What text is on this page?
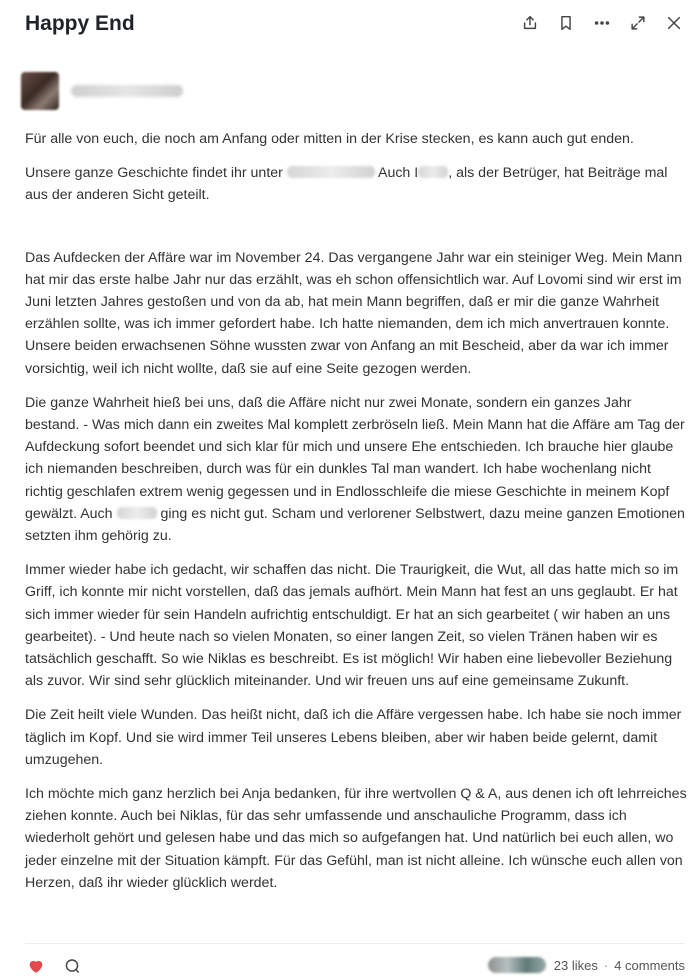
Happy End

Für alle von euch, die noch am Anfang oder mitten in der Krise stecken, es kann auch gut enden.

Unsere ganze Geschichte findet ihr unter	Auch I , als der Betrüger, hat Beiträge mal aus der anderen Sicht geteilt.

Das Aufdecken der Affäre war im November 24. Das vergangene Jahr war ein steiniger Weg. Mein Mann hat mir das erste halbe Jahr nur das erzählt, was eh schon offensichtlich war. Auf Lovomi sind wir erst im Juni letzten Jahres gestoßen und von da ab, hat mein Mann begriffen, daß er mir die ganze Wahrheit erzählen sollte, was ich immer gefordert habe. Ich hatte niemanden, dem ich mich anvertrauen konnte. Unsere beiden erwachsenen Söhne wussten zwar von Anfang an mit Bescheid, aber da war ich immer vorsichtig, weil ich nicht wollte, daß sie auf eine Seite gezogen werden.

Die ganze Wahrheit hieß bei uns, daß die Affäre nicht nur zwei Monate, sondern ein ganzes Jahr bestand. - Was mich dann ein zweites Mal komplett zerbröseln ließ. Mein Mann hat die Affäre am Tag der Aufdeckung sofort beendet und sich klar für mich und unsere Ehe entschieden. Ich brauche hier glaube ich niemanden beschreiben, durch was für ein dunkles Tal man wandert. Ich habe wochenlang nicht richtig geschlafen extrem wenig gegessen und in Endlosschleife die miese Geschichte in meinem Kopf gewälzt. Auch	ging es nicht gut. Scham und verlorener Selbstwert, dazu meine ganzen Emotionen setzten ihm gehörig zu.

Immer wieder habe ich gedacht, wir schaffen das nicht. Die Traurigkeit, die Wut, all das hatte mich so im Griff, ich konnte mir nicht vorstellen, daß das jemals aufhört. Mein Mann hat fest an uns geglaubt. Er hat sich immer wieder für sein Handeln aufrichtig entschuldigt. Er hat an sich gearbeitet ( wir haben an uns gearbeitet). - Und heute nach so vielen Monaten, so einer langen Zeit, so vielen Tränen haben wir es tatsächlich geschafft. So wie Niklas es beschreibt. Es ist möglich! Wir haben eine liebevoller Beziehung als zuvor. Wir sind sehr glücklich miteinander. Und wir freuen uns auf eine gemeinsame Zukunft.

Die Zeit heilt viele Wunden. Das heißt nicht, daß ich die Affäre vergessen habe. Ich habe sie noch immer täglich im Kopf. Und sie wird immer Teil unseres Lebens bleiben, aber wir haben beide gelernt, damit umzugehen.

Ich möchte mich ganz herzlich bei Anja bedanken, für ihre wertvollen Q & A, aus denen ich oft lehrreiches ziehen konnte. Auch bei Niklas, für das sehr umfassende und anschauliche Programm, dass ich wiederholt gehört und gelesen habe und das mich so aufgefangen hat. Und natürlich bei euch allen, wo jeder einzelne mit der Situation kämpft. Für das Gefühl, man ist nicht alleine. Ich wünsche euch allen von Herzen, daß ihr wieder glücklich werdet.

23 likes · 4 comments
